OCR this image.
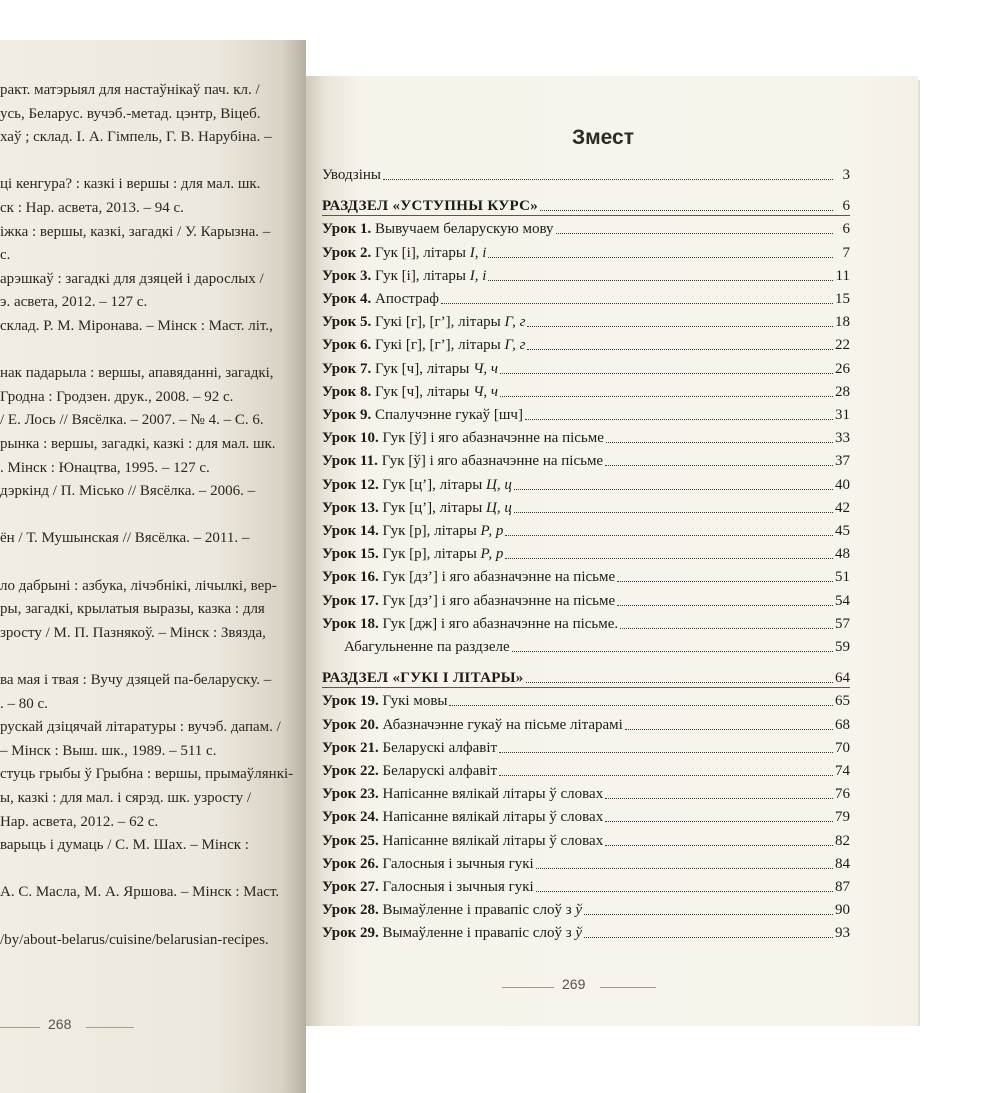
ракт. матэрыял для настаўнікаў пач. кл. /
усь, Беларус. вучэб.-метад. цэнтр, Віцеб.
хаў ; склад. І. А. Гімпель, Г. В. Нарубіна. –
ці кенгура? : казкі і вершы : для мал. шк.
ск : Нар. асвета, 2013. – 94 с.
іжка : вершы, казкі, загадкі / У. Карызна. –
с.
арэшкаў : загадкі для дзяцей і дарослых /
э. асвета, 2012. – 127 с.
склад. Р. М. Міронава. – Мінск : Маст. літ.,
нак падарыла : вершы, апавяданні, загадкі,
Гродна : Гродзен. друк., 2008. – 92 с.
/ Е. Лось // Вясёлка. – 2007. – № 4. – С. 6.
рынка : вершы, загадкі, казкі : для мал. шк.
. Мінск : Юнацтва, 1995. – 127 с.
дэркінд / П. Місько // Вясёлка. – 2006. –
ён / Т. Мушынская // Вясёлка. – 2011. –
ло дабрыні : азбука, лічэбнікі, лічылкі, вер-
ры, загадкі, крылатыя выразы, казка : для
зросту / М. П. Пазнякоў. – Мінск : Звязда,
ва мая і твая : Вучу дзяцей па-беларуску. –
. – 80 с.
рускай дзіцячай літаратуры : вучэб. дапам. /
– Мінск : Выш. шк., 1989. – 511 с.
стуць грыбы ў Грыбна : вершы, прымаўлянкі-
ы, казкі : для мал. і сярэд. шк. узросту /
Нар. асвета, 2012. – 62 с.
варыць і думаць / С. М. Шах. – Мінск :
А. С. Масла, М. А. Яршова. – Мінск : Маст.
/by/about-belarus/cuisine/belarusian-recipes.
268
Змест
Уводзіны	3
РАЗДЗЕЛ «УСТУПНЫ КУРС»	6
Урок 1. Вывучаем беларускую мову	6
Урок 2. Гук [і], літары І, і	7
Урок 3. Гук [і], літары І, і	11
Урок 4. Апостраф	15
Урок 5. Гукі [г], [г’], літары Г, г	18
Урок 6. Гукі [г], [г’], літары Г, г	22
Урок 7. Гук [ч], літары Ч, ч	26
Урок 8. Гук [ч], літары Ч, ч	28
Урок 9. Спалучэнне гукаў [шч]	31
Урок 10. Гук [ў] і яго абазначэнне на пісьме	33
Урок 11. Гук [ў] і яго абазначэнне на пісьме	37
Урок 12. Гук [ц’], літары Ц, ц	40
Урок 13. Гук [ц’], літары Ц, ц	42
Урок 14. Гук [р], літары Р, р	45
Урок 15. Гук [р], літары Р, р	48
Урок 16. Гук [дз’] і яго абазначэнне на пісьме	51
Урок 17. Гук [дз’] і яго абазначэнне на пісьме	54
Урок 18. Гук [дж] і яго абазначэнне на пісьме.	57
Абагульненне па раздзеле	59
РАЗДЗЕЛ «ГУКІ І ЛІТАРЫ»	64
Урок 19. Гукі мовы	65
Урок 20. Абазначэнне гукаў на пісьме літарамі	68
Урок 21. Беларускі алфавіт	70
Урок 22. Беларускі алфавіт	74
Урок 23. Напісанне вялікай літары ў словах	76
Урок 24. Напісанне вялікай літары ў словах	79
Урок 25. Напісанне вялікай літары ў словах	82
Урок 26. Галосныя і зычныя гукі	84
Урок 27. Галосныя і зычныя гукі	87
Урок 28. Вымаўленне і правапіс слоў з ў	90
Урок 29. Вымаўленне і правапіс слоў з ў	93
269
